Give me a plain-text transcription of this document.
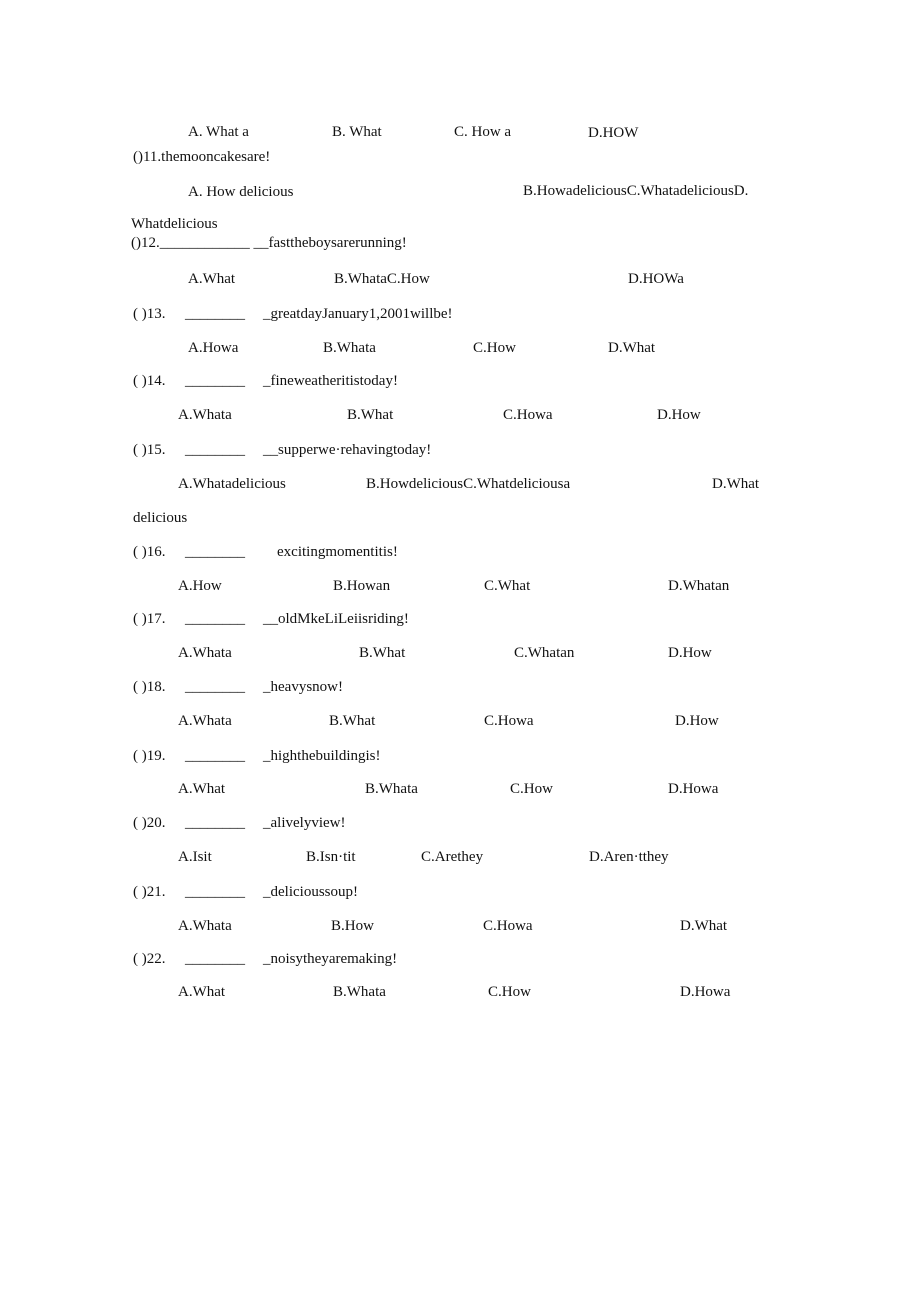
A. What a	B. What	C. How a	D.HOW
()11.themooncakesare!
A. How delicious	B.HowadeliciousC.WhatadeliciousD.
Whatdelicious
()12.____________ __fasttheboysarerunning!
A.What	B.WhataC.How	D.HOWa
( )13. ________ _greatdayJanuary1,2001willbe!
A.Howa	B.Whata	C.How	D.What
( )14. ________ _fineweatheritistoday!
A.Whata	B.What	C.Howa	D.How
( )15. ________ __supperwe·rehavingtoday!
A.Whatadelicious	B.HowdeliciousC.Whatdeliciousa	D.What
delicious
( )16. ________ excitingmomentitis!
A.How	B.Howan	C.What	D.Whatan
( )17. ________ __oldMkeLiLeiisriding!
A.Whata	B.What	C.Whatan	D.How
( )18. ________ _heavysnow!
A.Whata	B.What	C.Howa	D.How
( )19. ________ _highthebuildingis!
A.What	B.Whata	C.How	D.Howa
( )20. ________ _alivelyview!
A.Isit	B.Isn·tit	C.Arethey	D.Aren·tthey
( )21. ________ _delicioussoup!
A.Whata	B.How	C.Howa	D.What
( )22. ________ _noisytheyaremaking!
A.What	B.Whata	C.How	D.Howa
